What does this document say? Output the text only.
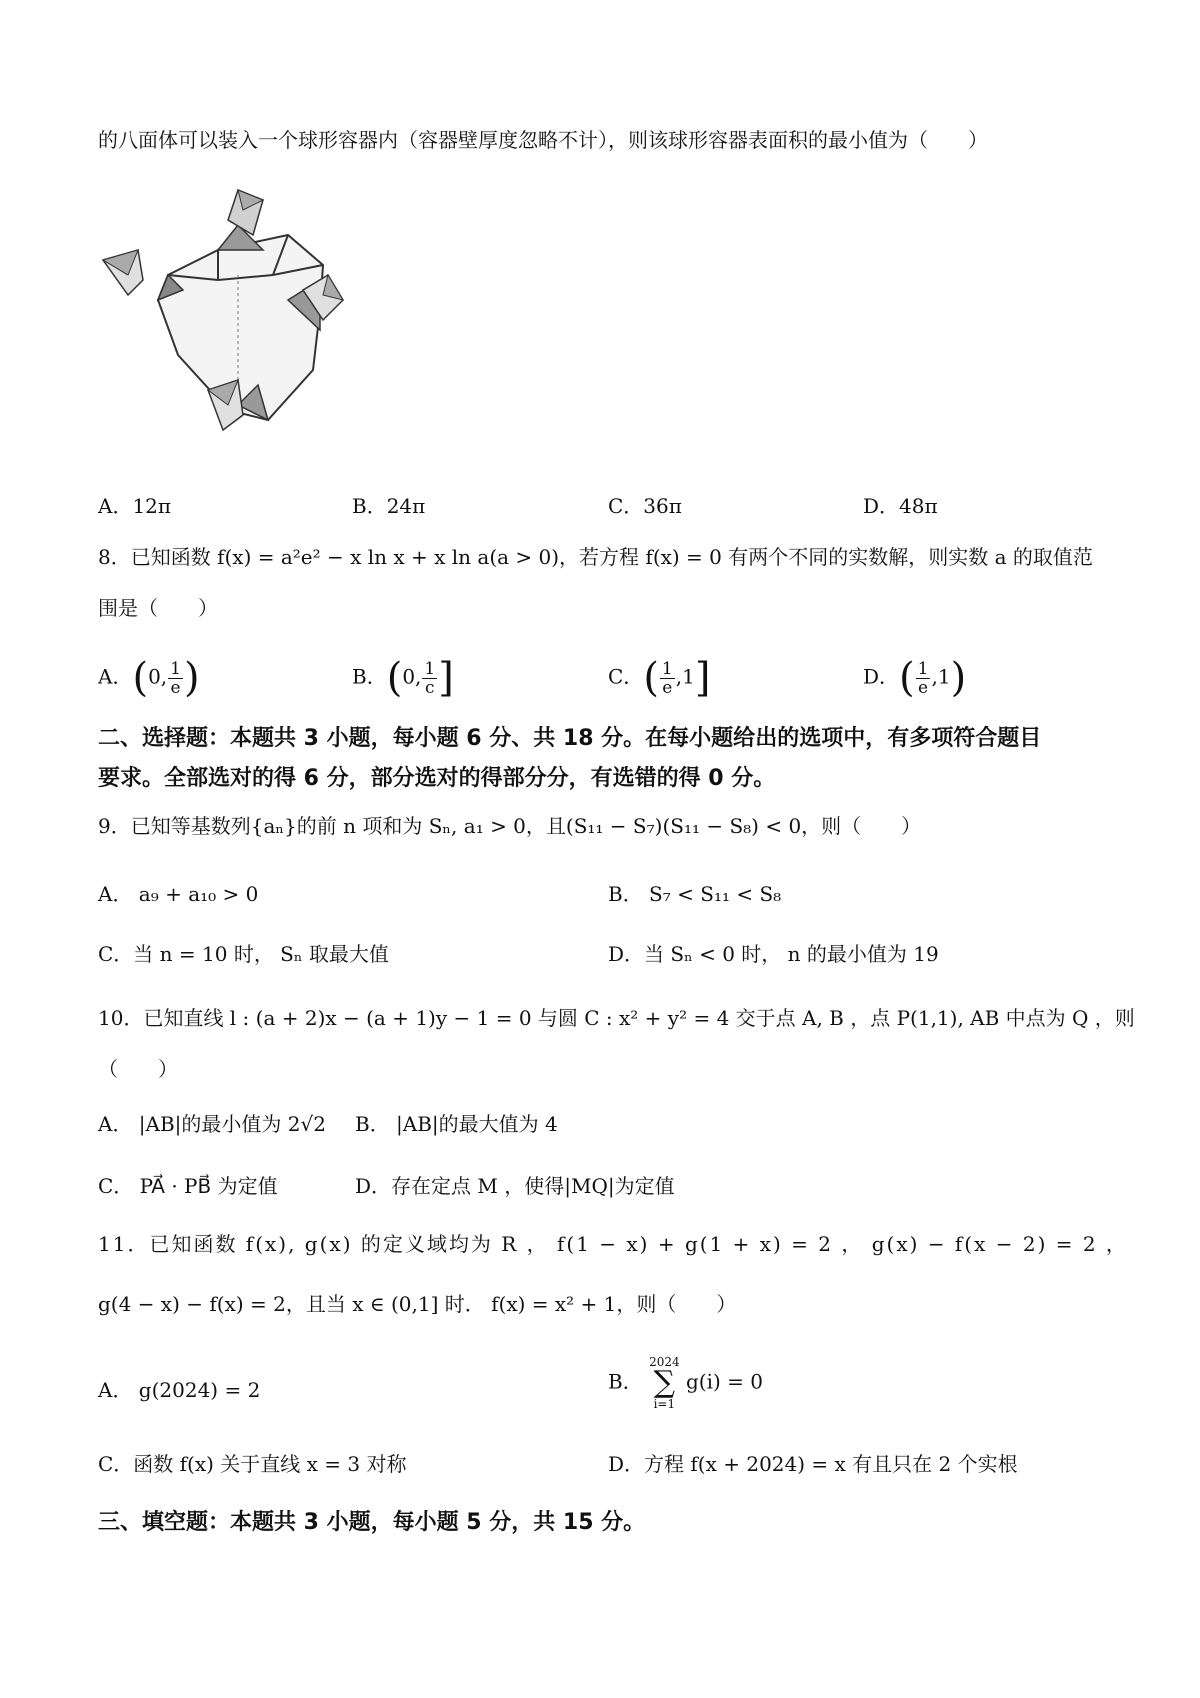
的八面体可以装入一个球形容器内（容器壁厚度忽略不计），则该球形容器表面积的最小值为（　　）
A．12π	B．24π	C．36π	D．48π
8．已知函数 f(x) = a²e² − x ln x + x ln a(a > 0)，若方程 f(x) = 0 有两个不同的实数解，则实数 a 的取值范
围是（　　）
A．(0, $\frac{1}{e}$ )	B．(0, $\frac{1}{c}$ ]	C．( $\frac{1}{e} ,1$]	D．( $\frac{1}{e} ,1$)
二、选择题：本题共 3 小题，每小题 6 分、共 18 分。在每小题给出的选项中，有多项符合题目
要求。全部选对的得 6 分，部分选对的得部分分，有选错的得 0 分。
9．已知等基数列{aₙ}的前 n 项和为 Sₙ, a₁ > 0，且(S₁₁ − S₇)(S₁₁ − S₈) < 0，则（　　）
A． a₉ + a₁₀ > 0	B． S₇ < S₁₁ < S₈
C．当 n = 10 时， Sₙ 取最大值	D．当 Sₙ < 0 时， n 的最小值为 19
10．已知直线 l : (a + 2)x − (a + 1)y − 1 = 0 与圆 C : x² + y² = 4 交于点 A, B ，点 P(1,1), AB 中点为 Q ，则
（　　）
A． |AB|的最小值为 2√2 B． |AB|的最大值为 4
C． PA⃗ · PB⃗ 为定值	D．存在定点 M ，使得|MQ|为定值
11．已知函数 f(x), g(x) 的定义域均为 R ， f(1 − x) + g(1 + x) = 2 ， g(x) − f(x − 2) = 2 ，
g(4 − x) − f(x) = 2，且当 x ∈ (0,1] 时． f(x) = x² + 1，则（　　）
A． g(2024) = 2	B． 2024
∑
i=1 g(i) = 0
C．函数 f(x) 关于直线 x = 3 对称	D．方程 f(x + 2024) = x 有且只在 2 个实根
三、填空题：本题共 3 小题，每小题 5 分，共 15 分。
